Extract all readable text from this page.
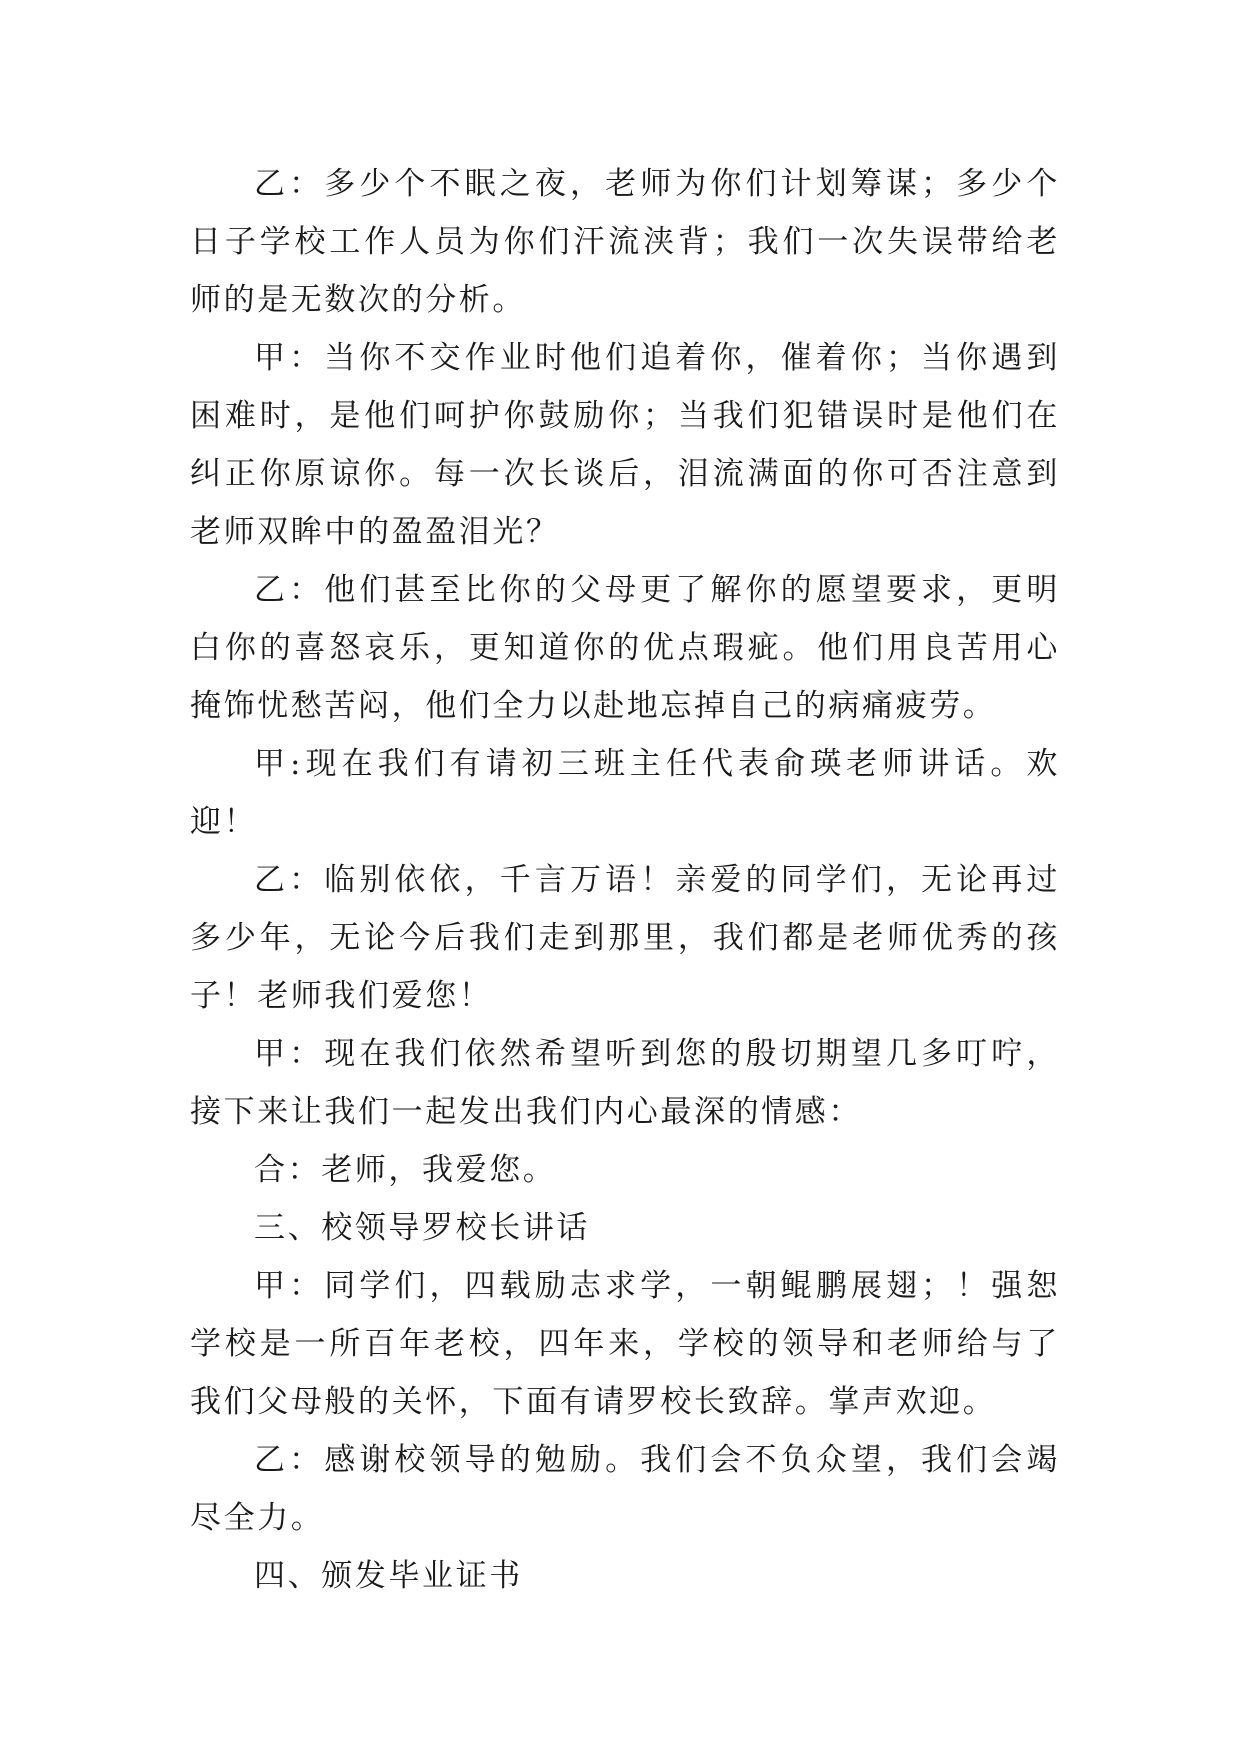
乙：多少个不眠之夜，老师为你们计划筹谋；多少个日子学校工作人员为你们汗流浃背；我们一次失误带给老师的是无数次的分析。

甲：当你不交作业时他们追着你，催着你；当你遇到困难时，是他们呵护你鼓励你；当我们犯错误时是他们在纠正你原谅你。每一次长谈后，泪流满面的你可否注意到老师双眸中的盈盈泪光？

乙：他们甚至比你的父母更了解你的愿望要求，更明白你的喜怒哀乐，更知道你的优点瑕疵。他们用良苦用心掩饰忧愁苦闷，他们全力以赴地忘掉自己的病痛疲劳。

甲:现在我们有请初三班主任代表俞瑛老师讲话。欢迎！

乙：临别依依，千言万语！亲爱的同学们，无论再过多少年，无论今后我们走到那里，我们都是老师优秀的孩子！老师我们爱您！

甲：现在我们依然希望听到您的殷切期望几多叮咛，接下来让我们一起发出我们内心最深的情感：

合：老师，我爱您。

三、校领导罗校长讲话

甲：同学们，四载励志求学，一朝鲲鹏展翅；！强恕学校是一所百年老校，四年来，学校的领导和老师给与了我们父母般的关怀，下面有请罗校长致辞。掌声欢迎。

乙：感谢校领导的勉励。我们会不负众望，我们会竭尽全力。

四、颁发毕业证书
